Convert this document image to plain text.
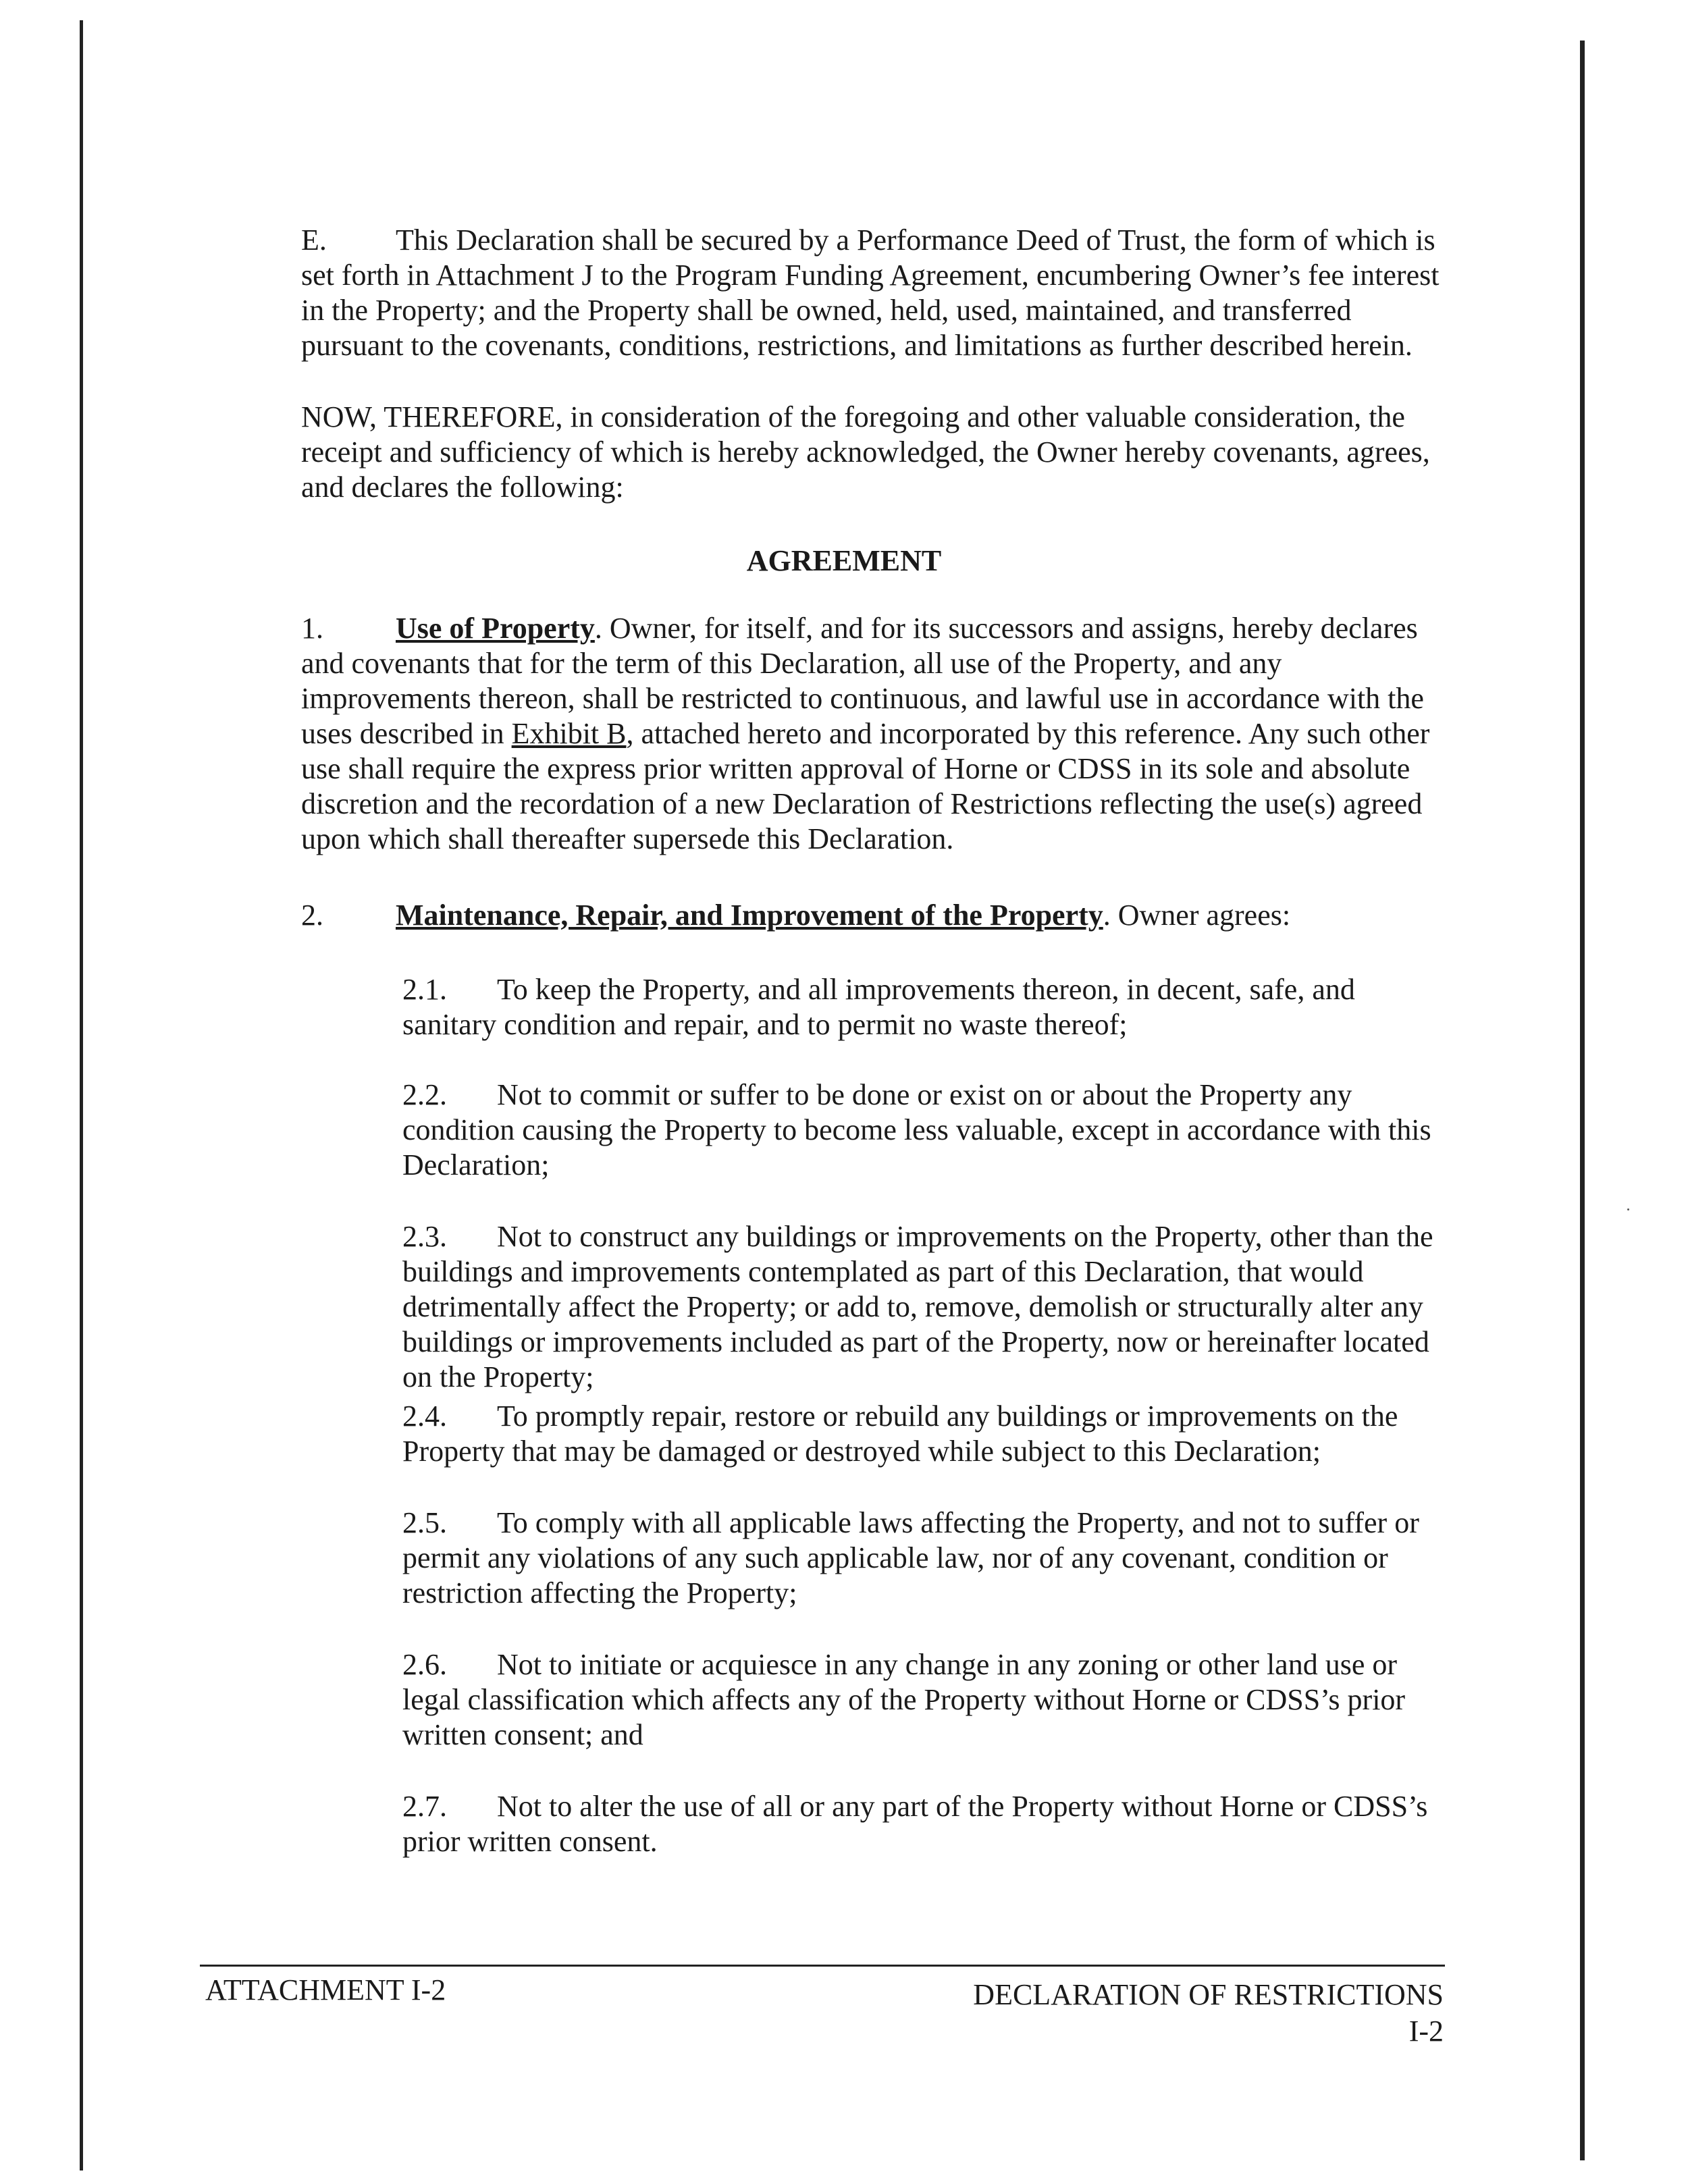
E. This Declaration shall be secured by a Performance Deed of Trust, the form of which is set forth in Attachment J to the Program Funding Agreement, encumbering Owner’s fee interest in the Property; and the Property shall be owned, held, used, maintained, and transferred pursuant to the covenants, conditions, restrictions, and limitations as further described herein.

NOW, THEREFORE, in consideration of the foregoing and other valuable consideration, the receipt and sufficiency of which is hereby acknowledged, the Owner hereby covenants, agrees, and declares the following:

AGREEMENT

1. Use of Property. Owner, for itself, and for its successors and assigns, hereby declares and covenants that for the term of this Declaration, all use of the Property, and any improvements thereon, shall be restricted to continuous, and lawful use in accordance with the uses described in Exhibit B, attached hereto and incorporated by this reference. Any such other use shall require the express prior written approval of Horne or CDSS in its sole and absolute discretion and the recordation of a new Declaration of Restrictions reflecting the use(s) agreed upon which shall thereafter supersede this Declaration.

2. Maintenance, Repair, and Improvement of the Property. Owner agrees:

2.1. To keep the Property, and all improvements thereon, in decent, safe, and sanitary condition and repair, and to permit no waste thereof;

2.2. Not to commit or suffer to be done or exist on or about the Property any condition causing the Property to become less valuable, except in accordance with this Declaration;

2.3. Not to construct any buildings or improvements on the Property, other than the buildings and improvements contemplated as part of this Declaration, that would detrimentally affect the Property; or add to, remove, demolish or structurally alter any buildings or improvements included as part of the Property, now or hereinafter located on the Property;

2.4. To promptly repair, restore or rebuild any buildings or improvements on the Property that may be damaged or destroyed while subject to this Declaration;

2.5. To comply with all applicable laws affecting the Property, and not to suffer or permit any violations of any such applicable law, nor of any covenant, condition or restriction affecting the Property;

2.6. Not to initiate or acquiesce in any change in any zoning or other land use or legal classification which affects any of the Property without Horne or CDSS’s prior written consent; and

2.7. Not to alter the use of all or any part of the Property without Horne or CDSS’s prior written consent.

ATTACHMENT I-2	DECLARATION OF RESTRICTIONS
I-2
